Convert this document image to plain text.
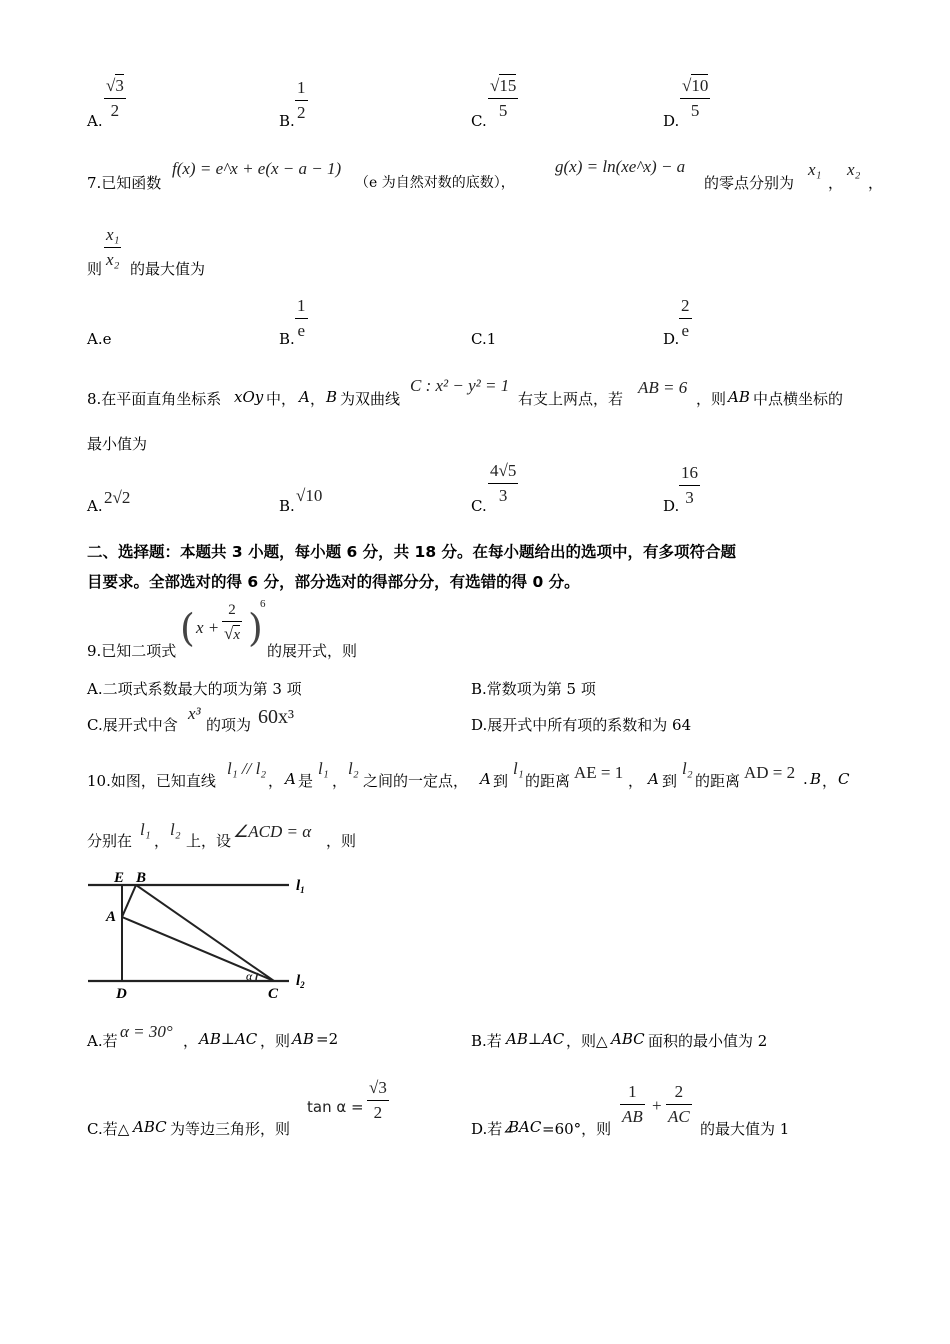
A.
√3
2
B.
1
2	C.
√15
5
D.
√10
5
7.已知函数
f(x) = e^x + e(x − a − 1)
（e 为自然对数的底数），
g(x) = ln(xe^x) − a
的零点分别为
x₁
，
x₂
，
则
x₁
x₂ 的最大值为
A.e	B.
1
e	C.1	D.
2
e
8.在平面直角坐标系 xOy 中， A ， B 为双曲线
C : x² − y² = 1
右支上两点，若
AB = 6
，则 AB 中点横坐标的
最小值为
A. 2√2	B.
√10
C.
4√5
3
D.
16
3
二、选择题：本题共 3 小题，每小题 6 分，共 18 分。在每小题给出的选项中，有多项符合题
目要求。全部选对的得 6 分，部分选对的得部分分，有选错的得 0 分。
9.已知二项式
( x +
2
√x )
6
的展开式，则
A.二项式系数最大的项为第 3 项	B.常数项为第 5 项
C.展开式中含
x³
的项为 60x³	D.展开式中所有项的系数和为 64
10.如图，已知直线
l₁ // l₂
， A 是
l₁
，
l₂
之间的一定点， A 到
l₁
的距离 AE = 1 ， A 到
l₂
的距离 AD = 2 . B ， C
分别在
l₁
，
l₂
上，设 ∠ACD = α ，则
E B
A
D	C
α
$l_1$
$l_2$
A.若 α = 30° ， AB⊥AC ，则 AB =2	B.若 AB⊥AC ，则△ ABC 面积的最小值为 2
C.若△ ABC 为等边三角形，则
tan α =
√3
2
D.若∠
BAC =60°，则
1
AB
+
2
AC
的最大值为 1
